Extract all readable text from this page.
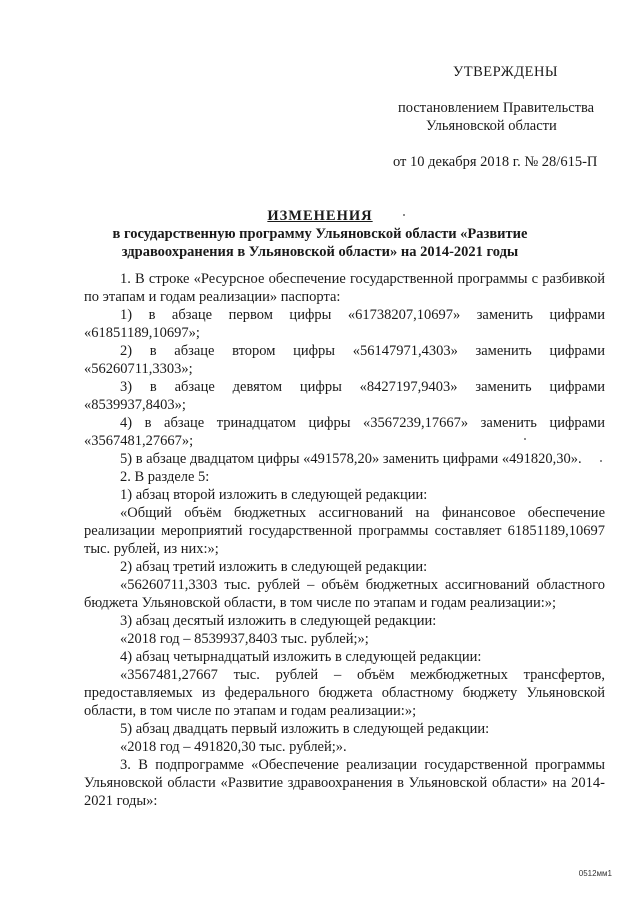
УТВЕРЖДЕНЫ
постановлением Правительства
Ульяновской области
от 10 декабря 2018 г. № 28/615-П
ИЗМЕНЕНИЯ
в государственную программу Ульяновской области «Развитие
здравоохранения в Ульяновской области» на 2014-2021 годы

1. В строке «Ресурсное обеспечение государственной программы с разбивкой по этапам и годам реализации» паспорта:

1) в абзаце первом цифры «61738207,10697» заменить цифрами «61851189,10697»;

2) в абзаце втором цифры «56147971,4303» заменить цифрами «56260711,3303»;

3) в абзаце девятом цифры «8427197,9403» заменить цифрами «8539937,8403»;

4) в абзаце тринадцатом цифры «3567239,17667» заменить цифрами «3567481,27667»;

5) в абзаце двадцатом цифры «491578,20» заменить цифрами «491820,30».

2. В разделе 5:

1) абзац второй изложить в следующей редакции:

«Общий объём бюджетных ассигнований на финансовое обеспечение реализации мероприятий государственной программы составляет 61851189,10697 тыс. рублей, из них:»;

2) абзац третий изложить в следующей редакции:

«56260711,3303 тыс. рублей – объём бюджетных ассигнований областного бюджета Ульяновской области, в том числе по этапам и годам реализации:»;

3) абзац десятый изложить в следующей редакции:

«2018 год – 8539937,8403 тыс. рублей;»;

4) абзац четырнадцатый изложить в следующей редакции:

«3567481,27667 тыс. рублей – объём межбюджетных трансфертов, предоставляемых из федерального бюджета областному бюджету Ульяновской области, в том числе по этапам и годам реализации:»;

5) абзац двадцать первый изложить в следующей редакции:

«2018 год – 491820,30 тыс. рублей;».

3. В подпрограмме «Обеспечение реализации государственной программы Ульяновской области «Развитие здравоохранения в Ульяновской области» на 2014-2021 годы»:

0512мм1
